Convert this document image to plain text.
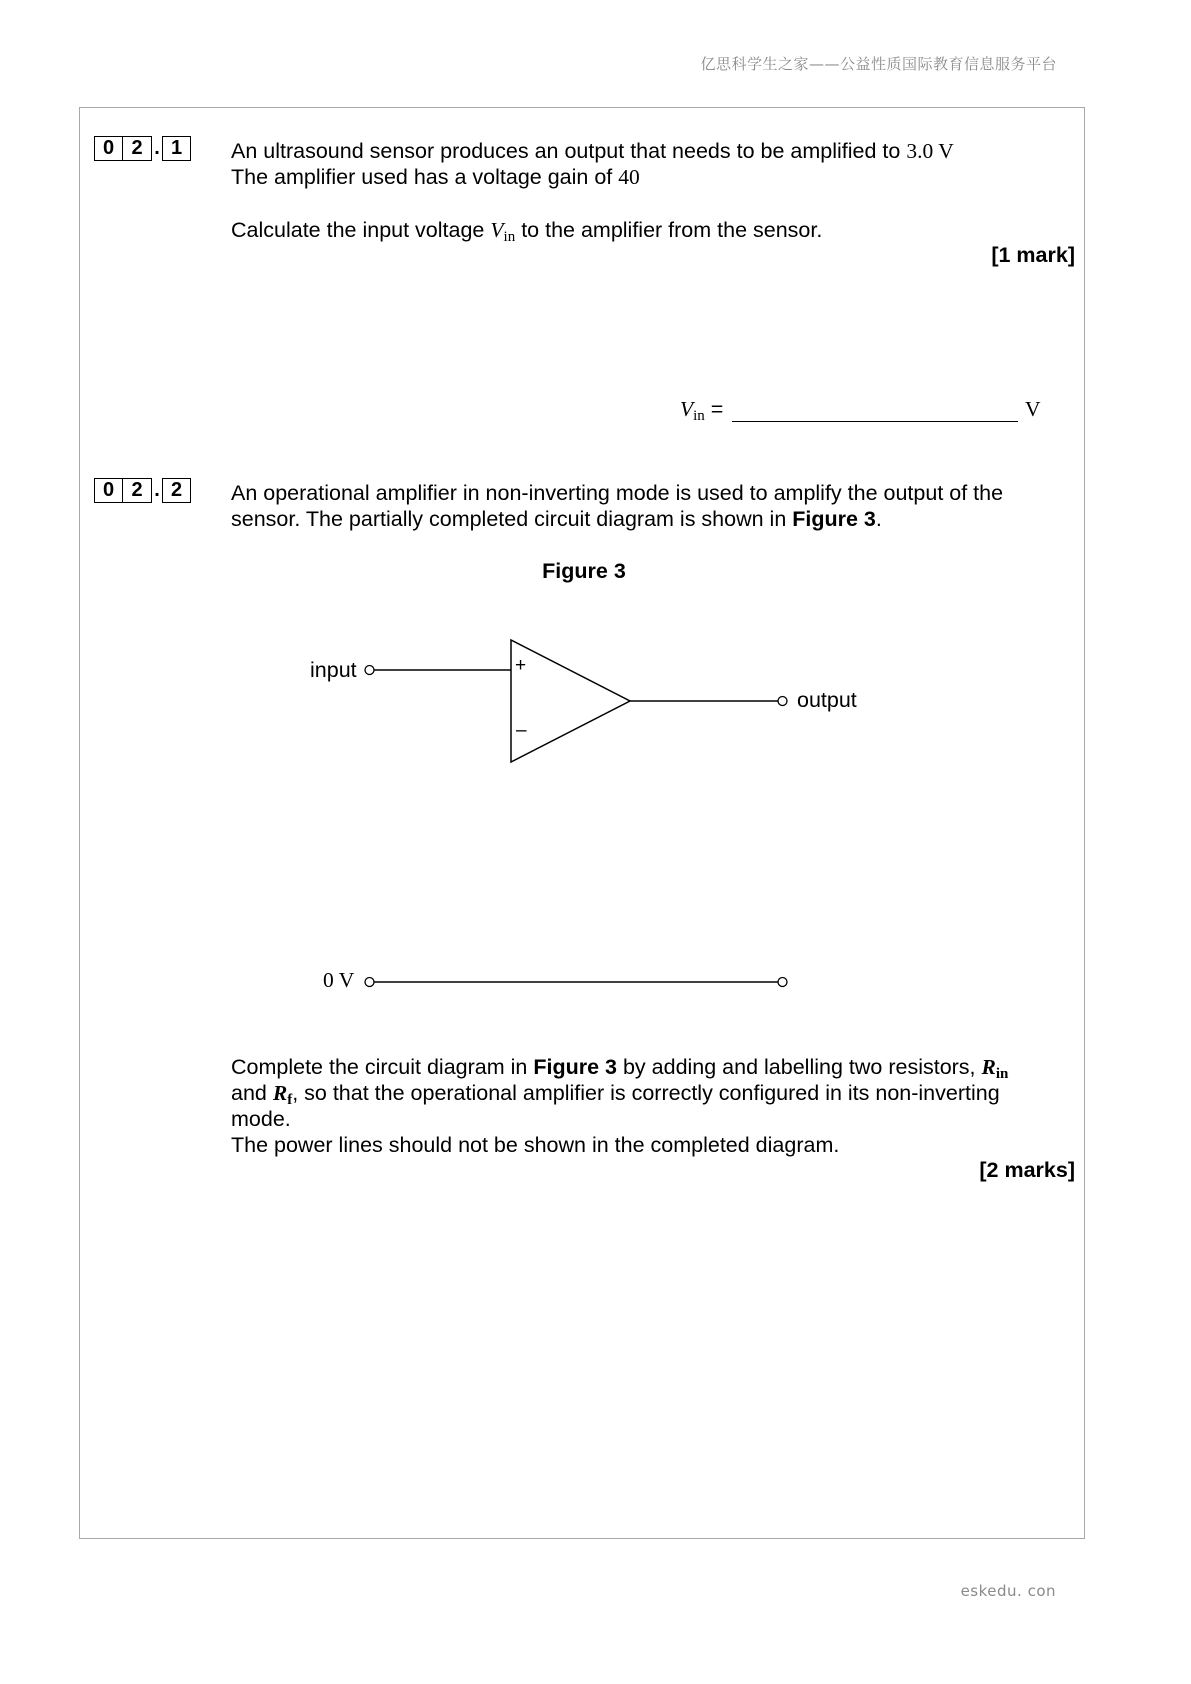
亿思科学生之家——公益性质国际教育信息服务平台
0 2 . 1	An ultrasound sensor produces an output that needs to be amplified to 3.0 V
The amplifier used has a voltage gain of 40
Calculate the input voltage Vin to the amplifier from the sensor.
[1 mark]
Vin =	V
0 2 . 2	An operational amplifier in non-inverting mode is used to amplify the output of the
sensor. The partially completed circuit diagram is shown in Figure 3.
Figure 3
input
output
0 V
+
–
Complete the circuit diagram in Figure 3 by adding and labelling two resistors, Rin
and Rf, so that the operational amplifier is correctly configured in its non-inverting
mode.
The power lines should not be shown in the completed diagram.
[2 marks]
eskedu. con
